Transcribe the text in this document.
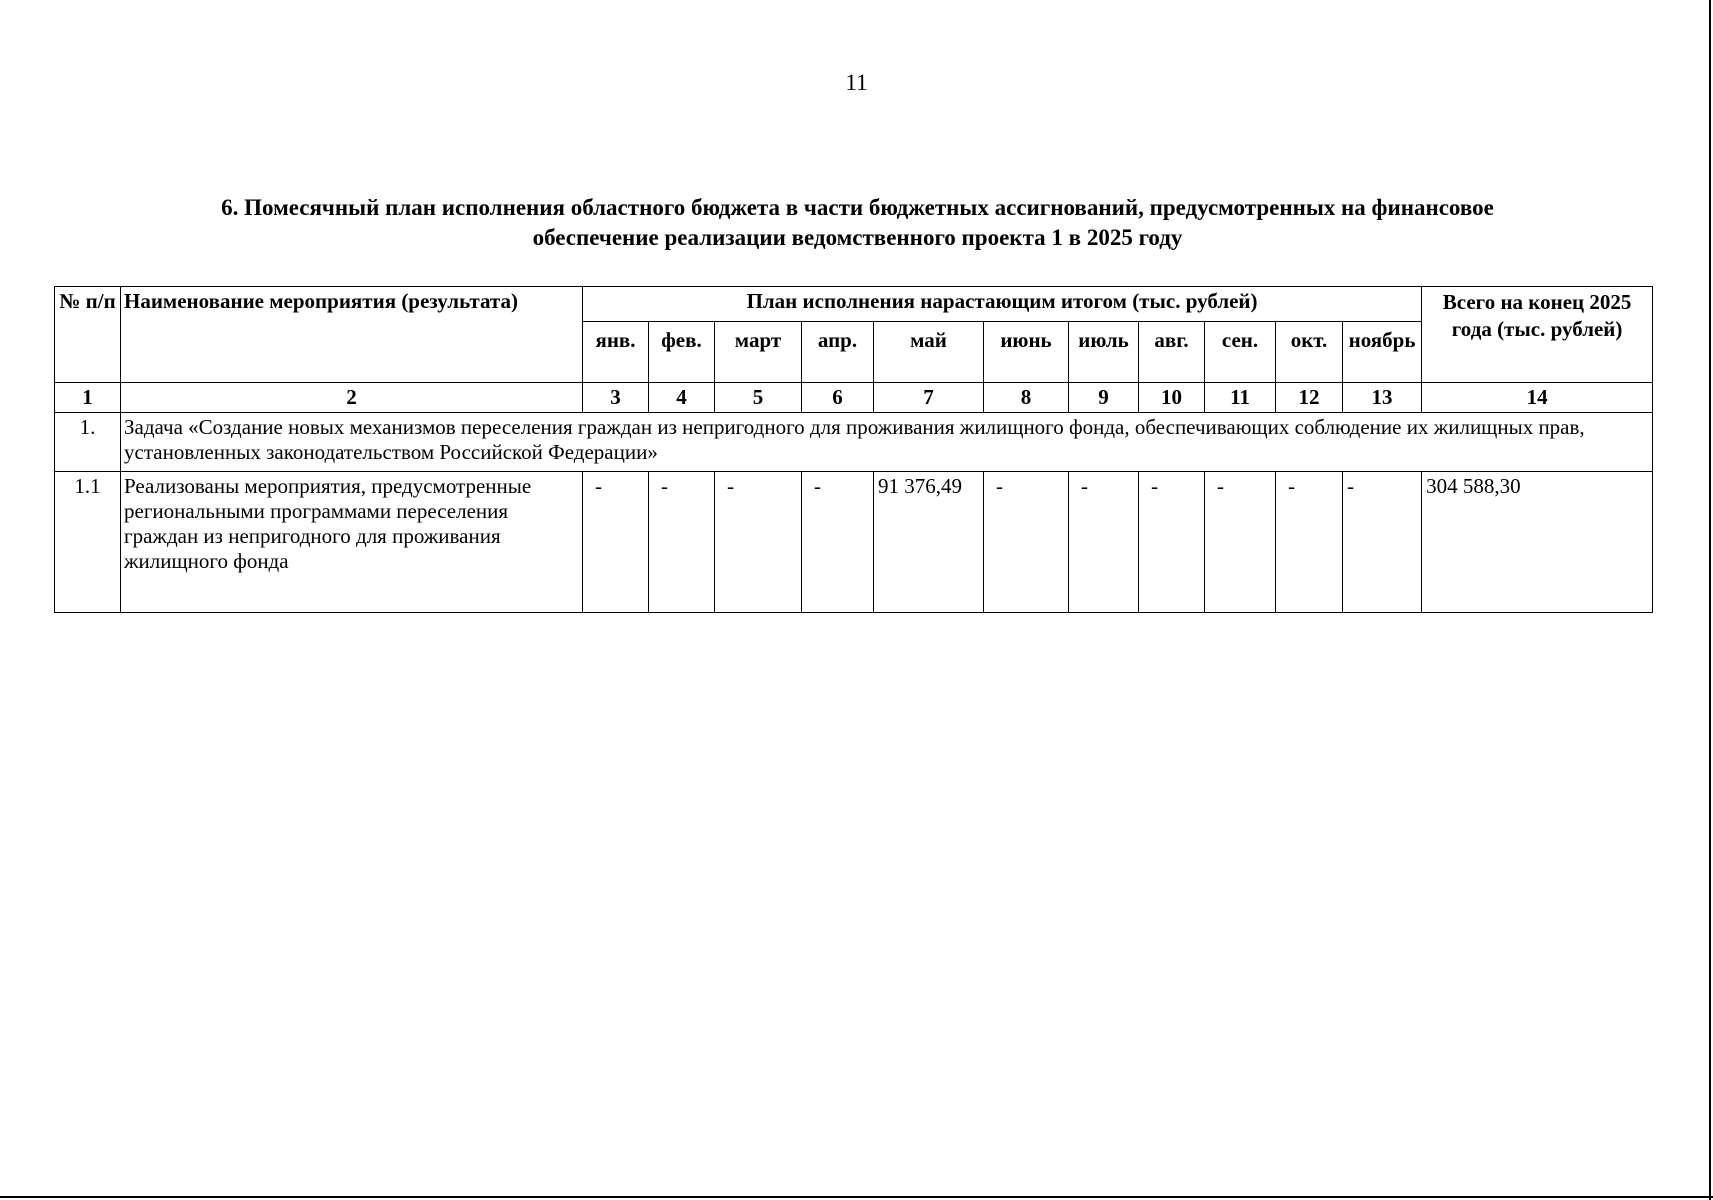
11
6. Помесячный план исполнения областного бюджета в части бюджетных ассигнований, предусмотренных на финансовое
обеспечение реализации ведомственного проекта 1 в 2025 году
№ п/п	Наименование мероприятия (результата)	План исполнения нарастающим итогом (тыс. рублей)											Всего на конец 2025 года (тыс. рублей)
		янв.	фев.	март	апр.	май	июнь	июль	авг.	сен.	окт.	ноябрь	
1	2	3	4	5	6	7	8	9	10	11	12	13	14
1.	Задача «Создание новых механизмов переселения граждан из непригодного для проживания жилищного фонда, обеспечивающих соблюдение их жилищных прав, установленных законодательством Российской Федерации»												
1.1	Реализованы мероприятия, предусмотренные региональными программами переселения граждан из непригодного для проживания жилищного фонда	-	-	-	-	91 376,49	-	-	-	-	-	-	304 588,30
